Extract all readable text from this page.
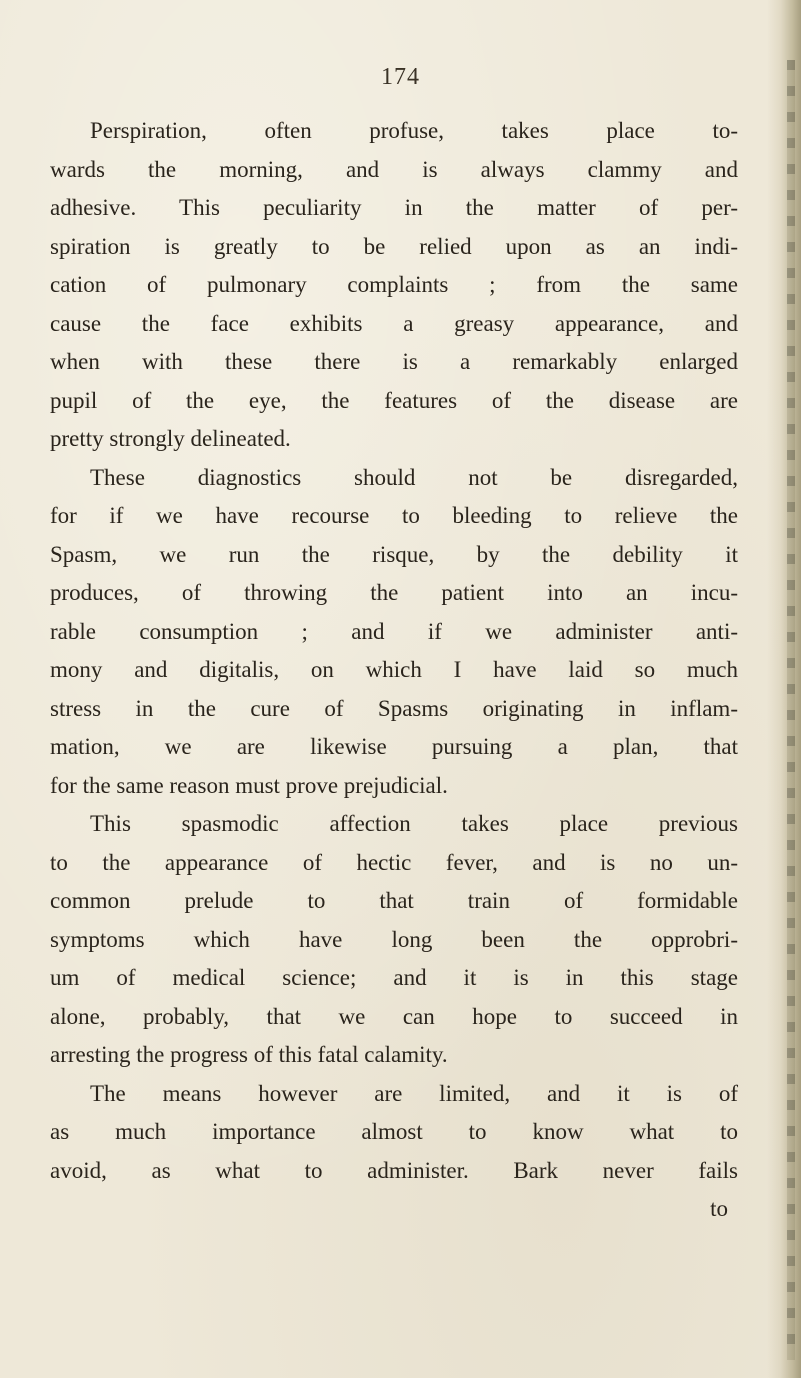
174
Perspiration, often profuse, takes place to-
wards the morning, and is always clammy and
adhesive. This peculiarity in the matter of per-
spiration is greatly to be relied upon as an indi-
cation of pulmonary complaints ; from the same
cause the face exhibits a greasy appearance, and
when with these there is a remarkably enlarged
pupil of the eye, the features of the disease are
pretty strongly delineated.
These diagnostics should not be disregarded,
for if we have recourse to bleeding to relieve the
Spasm, we run the risque, by the debility it
produces, of throwing the patient into an incu-
rable consumption ; and if we administer anti-
mony and digitalis, on which I have laid so much
stress in the cure of Spasms originating in inflam-
mation, we are likewise pursuing a plan, that
for the same reason must prove prejudicial.
This spasmodic affection takes place previous
to the appearance of hectic fever, and is no un-
common prelude to that train of formidable
symptoms which have long been the opprobri-
um of medical science; and it is in this stage
alone, probably, that we can hope to succeed in
arresting the progress of this fatal calamity.
The means however are limited, and it is of
as much importance almost to know what to
avoid, as what to administer. Bark never fails
to
